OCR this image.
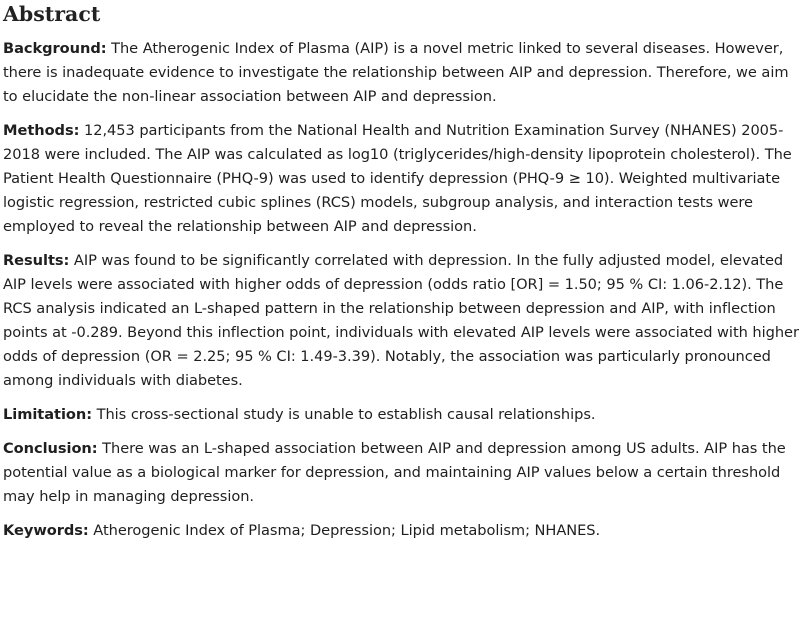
Abstract

Background: The Atherogenic Index of Plasma (AIP) is a novel metric linked to several diseases. However, there is inadequate evidence to investigate the relationship between AIP and depression. Therefore, we aim to elucidate the non-linear association between AIP and depression.

Methods: 12,453 participants from the National Health and Nutrition Examination Survey (NHANES) 2005-2018 were included. The AIP was calculated as log10 (triglycerides/high-density lipoprotein cholesterol). The Patient Health Questionnaire (PHQ-9) was used to identify depression (PHQ-9 ≥ 10). Weighted multivariate logistic regression, restricted cubic splines (RCS) models, subgroup analysis, and interaction tests were employed to reveal the relationship between AIP and depression.

Results: AIP was found to be significantly correlated with depression. In the fully adjusted model, elevated AIP levels were associated with higher odds of depression (odds ratio [OR] = 1.50; 95 % CI: 1.06-2.12). The RCS analysis indicated an L-shaped pattern in the relationship between depression and AIP, with inflection points at -0.289. Beyond this inflection point, individuals with elevated AIP levels were associated with higher odds of depression (OR = 2.25; 95 % CI: 1.49-3.39). Notably, the association was particularly pronounced among individuals with diabetes.

Limitation: This cross-sectional study is unable to establish causal relationships.

Conclusion: There was an L-shaped association between AIP and depression among US adults. AIP has the potential value as a biological marker for depression, and maintaining AIP values below a certain threshold may help in managing depression.

Keywords: Atherogenic Index of Plasma; Depression; Lipid metabolism; NHANES.
